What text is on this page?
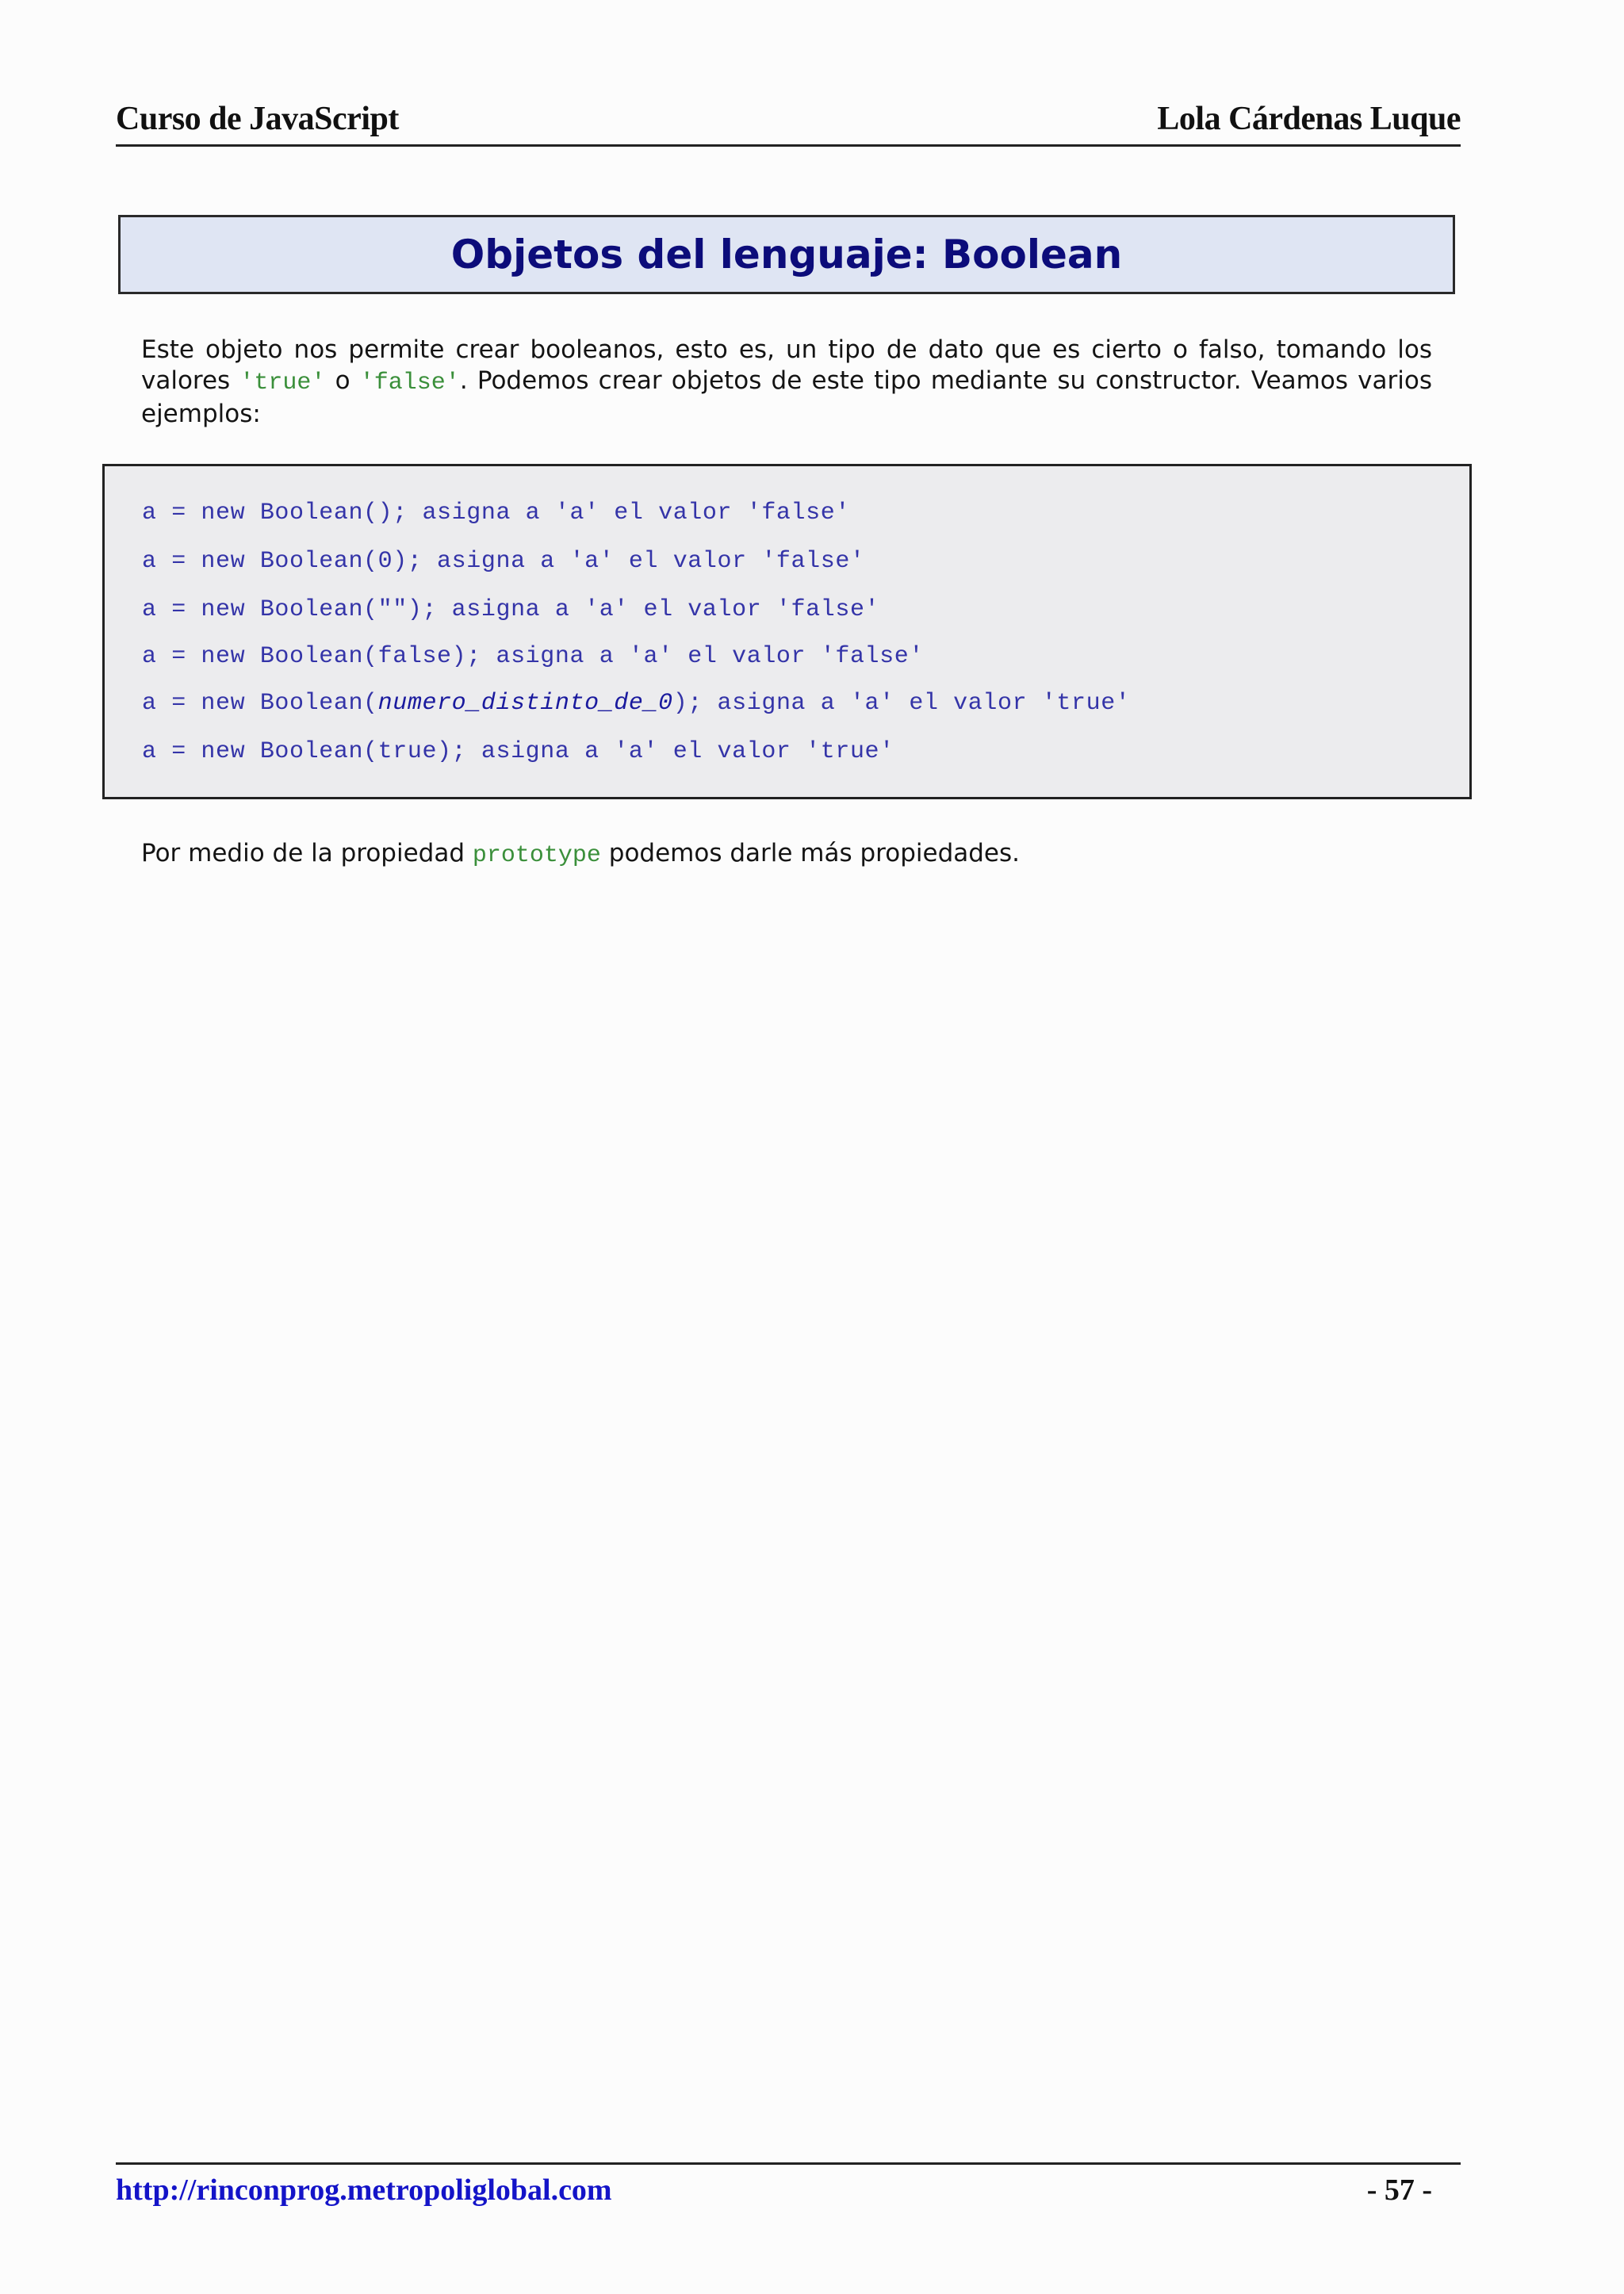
Curso de JavaScript	Lola Cárdenas Luque
Objetos del lenguaje: Boolean
Este objeto nos permite crear booleanos, esto es, un tipo de dato que es cierto o falso, tomando los valores 'true' o 'false'. Podemos crear objetos de este tipo mediante su constructor. Veamos varios ejemplos:
a = new Boolean(); asigna a 'a' el valor 'false'
a = new Boolean(0); asigna a 'a' el valor 'false'
a = new Boolean(""); asigna a 'a' el valor 'false'
a = new Boolean(false); asigna a 'a' el valor 'false'
a = new Boolean(numero_distinto_de_0); asigna a 'a' el valor 'true'
a = new Boolean(true); asigna a 'a' el valor 'true'
Por medio de la propiedad prototype podemos darle más propiedades.
http://rinconprog.metropoliglobal.com	- 57 -
